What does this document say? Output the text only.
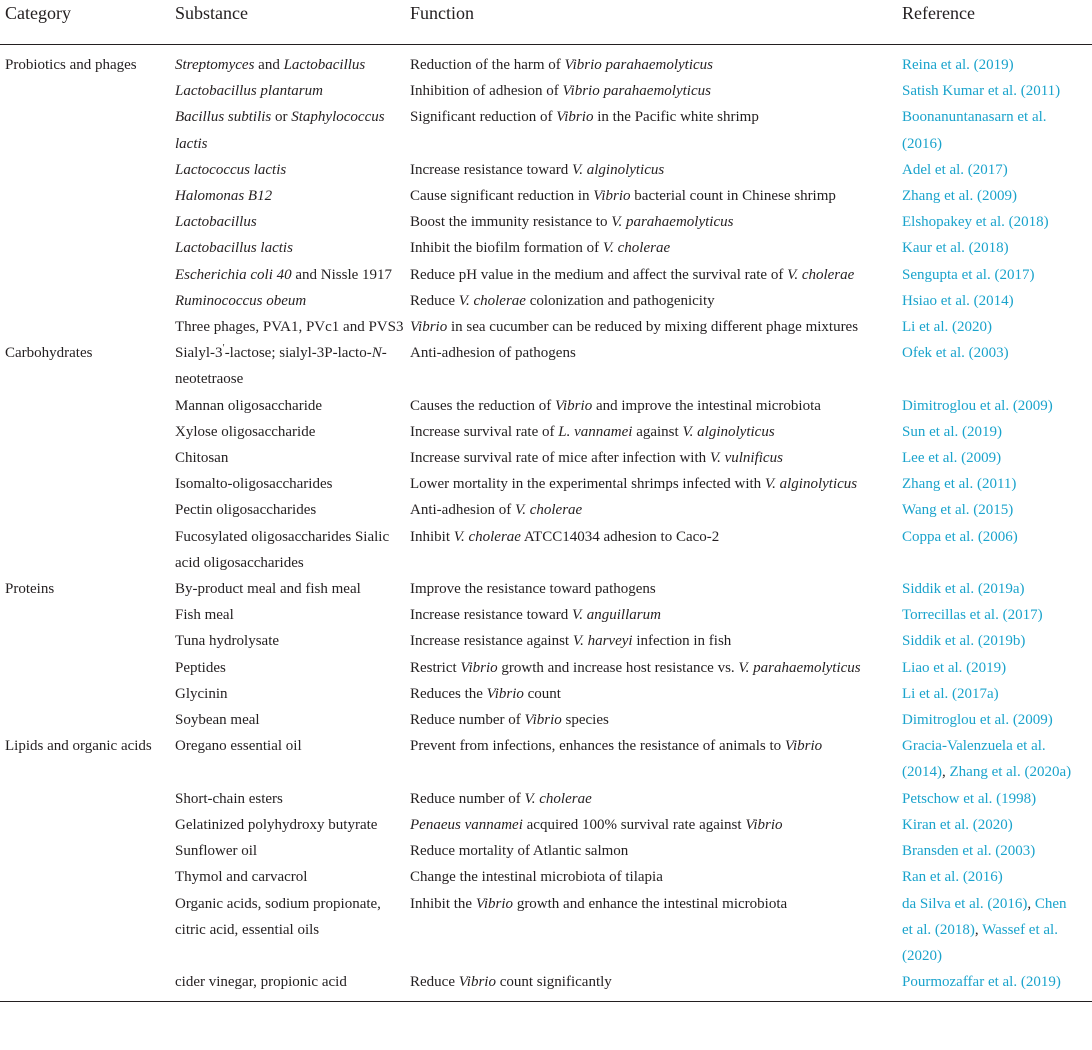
Category	Substance	Function	Reference
Probiotics and phages	Streptomyces and Lactobacillus	Reduction of the harm of Vibrio parahaemolyticus	Reina et al. (2019)
	Lactobacillus plantarum	Inhibition of adhesion of Vibrio parahaemolyticus	Satish Kumar et al. (2011)
	Bacillus subtilis or Staphylococcus lactis	Significant reduction of Vibrio in the Pacific white shrimp	Boonanuntanasarn et al. (2016)
	Lactococcus lactis	Increase resistance toward V. alginolyticus	Adel et al. (2017)
	Halomonas B12	Cause significant reduction in Vibrio bacterial count in Chinese shrimp	Zhang et al. (2009)
	Lactobacillus	Boost the immunity resistance to V. parahaemolyticus	Elshopakey et al. (2018)
	Lactobacillus lactis	Inhibit the biofilm formation of V. cholerae	Kaur et al. (2018)
	Escherichia coli 40 and Nissle 1917	Reduce pH value in the medium and affect the survival rate of V. cholerae	Sengupta et al. (2017)
	Ruminococcus obeum	Reduce V. cholerae colonization and pathogenicity	Hsiao et al. (2014)
	Three phages, PVA1, PVc1 and PVS3	Vibrio in sea cucumber can be reduced by mixing different phage mixtures	Li et al. (2020)
Carbohydrates	Sialyl-3′-lactose; sialyl-3P-lacto-N-neotetraose	Anti-adhesion of pathogens	Ofek et al. (2003)
	Mannan oligosaccharide	Causes the reduction of Vibrio and improve the intestinal microbiota	Dimitroglou et al. (2009)
	Xylose oligosaccharide	Increase survival rate of L. vannamei against V. alginolyticus	Sun et al. (2019)
	Chitosan	Increase survival rate of mice after infection with V. vulnificus	Lee et al. (2009)
	Isomalto-oligosaccharides	Lower mortality in the experimental shrimps infected with V. alginolyticus	Zhang et al. (2011)
	Pectin oligosaccharides	Anti-adhesion of V. cholerae	Wang et al. (2015)
	Fucosylated oligosaccharides Sialic acid oligosaccharides	Inhibit V. cholerae ATCC14034 adhesion to Caco-2	Coppa et al. (2006)
Proteins	By-product meal and fish meal	Improve the resistance toward pathogens	Siddik et al. (2019a)
	Fish meal	Increase resistance toward V. anguillarum	Torrecillas et al. (2017)
	Tuna hydrolysate	Increase resistance against V. harveyi infection in fish	Siddik et al. (2019b)
	Peptides	Restrict Vibrio growth and increase host resistance vs. V. parahaemolyticus	Liao et al. (2019)
	Glycinin	Reduces the Vibrio count	Li et al. (2017a)
	Soybean meal	Reduce number of Vibrio species	Dimitroglou et al. (2009)
Lipids and organic acids	Oregano essential oil	Prevent from infections, enhances the resistance of animals to Vibrio	Gracia-Valenzuela et al. (2014), Zhang et al. (2020a)
	Short-chain esters	Reduce number of V. cholerae	Petschow et al. (1998)
	Gelatinized polyhydroxy butyrate	Penaeus vannamei acquired 100% survival rate against Vibrio	Kiran et al. (2020)
	Sunflower oil	Reduce mortality of Atlantic salmon	Bransden et al. (2003)
	Thymol and carvacrol	Change the intestinal microbiota of tilapia	Ran et al. (2016)
	Organic acids, sodium propionate, citric acid, essential oils	Inhibit the Vibrio growth and enhance the intestinal microbiota	da Silva et al. (2016), Chen et al. (2018), Wassef et al. (2020)
	cider vinegar, propionic acid	Reduce Vibrio count significantly	Pourmozaffar et al. (2019)
